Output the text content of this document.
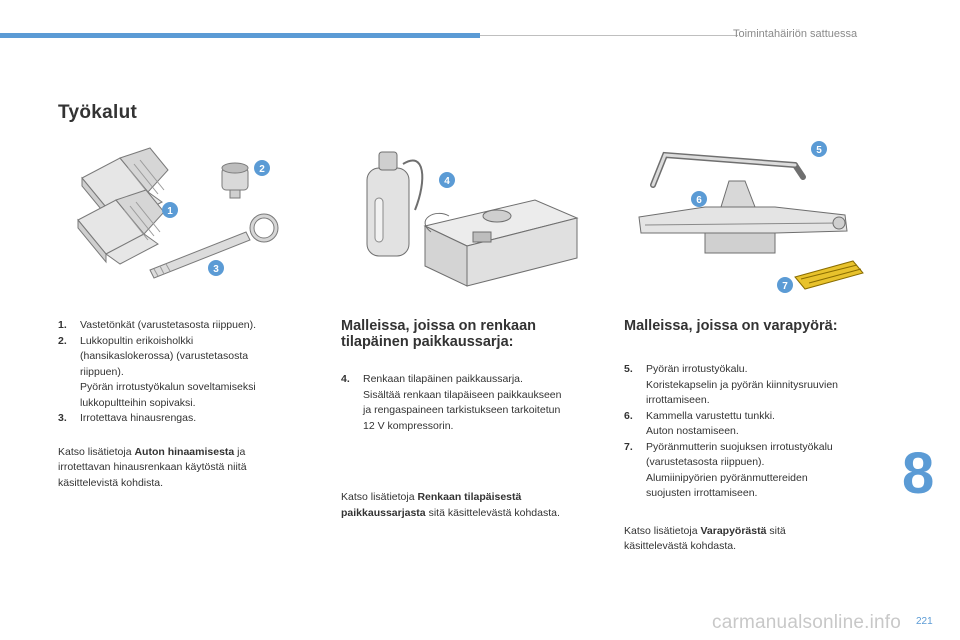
Toimintahäiriön sattuessa
Työkalut
1
2
3
4
5
6
7
1. Vastetönkät (varustetasosta riippuen).
2. Lukkopultin erikoisholkki
(hansikaslokerossa) (varustetasosta
riippuen).
Pyörän irrotustyökalun soveltamiseksi
lukkopultteihin sopivaksi.
3. Irrotettava hinausrengas.
Katso lisätietoja Auton hinaamisesta ja
irrotettavan hinausrenkaan käytöstä niitä
käsittelevistä kohdista.
Malleissa, joissa on renkaan
tilapäinen paikkaussarja:
4. Renkaan tilapäinen paikkaussarja.
Sisältää renkaan tilapäiseen paikkaukseen
ja rengaspaineen tarkistukseen tarkoitetun
12 V kompressorin.
Katso lisätietoja Renkaan tilapäisestä
paikkaussarjasta sitä käsittelevästä kohdasta.
Malleissa, joissa on varapyörä:
5. Pyörän irrotustyökalu.
Koristekapselin ja pyörän kiinnitysruuvien
irrottamiseen.
6. Kammella varustettu tunkki.
Auton nostamiseen.
7. Pyöränmutterin suojuksen irrotustyökalu
(varustetasosta riippuen).
Alumiinipyörien pyöränmuttereiden
suojusten irrottamiseen.
Katso lisätietoja Varapyörästä sitä
käsittelevästä kohdasta.
8
carmanualsonline.info 221
